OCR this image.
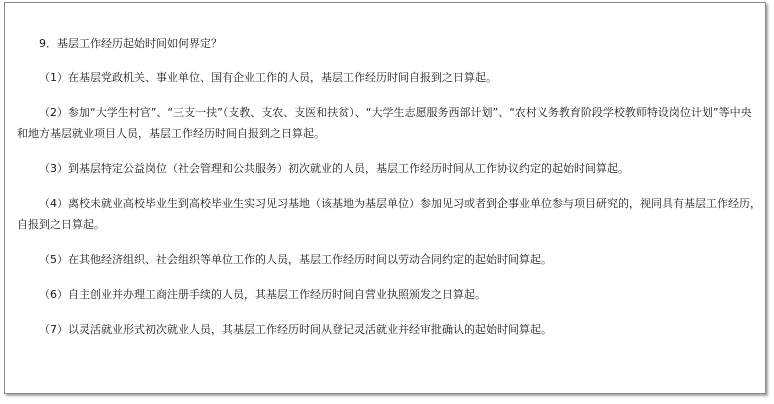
9．基层工作经历起始时间如何界定？

（1）在基层党政机关、事业单位、国有企业工作的人员，基层工作经历时间自报到之日算起。

（2）参加“大学生村官”、“三支一扶”（支教、支农、支医和扶贫）、“大学生志愿服务西部计划”、“农村义务教育阶段学校教师特设岗位计划”等中央和地方基层就业项目人员，基层工作经历时间自报到之日算起。

（3）到基层特定公益岗位（社会管理和公共服务）初次就业的人员，基层工作经历时间从工作协议约定的起始时间算起。

（4）离校未就业高校毕业生到高校毕业生实习见习基地（该基地为基层单位）参加见习或者到企事业单位参与项目研究的，视同具有基层工作经历，自报到之日算起。

（5）在其他经济组织、社会组织等单位工作的人员，基层工作经历时间以劳动合同约定的起始时间算起。

（6）自主创业并办理工商注册手续的人员，其基层工作经历时间自营业执照颁发之日算起。

（7）以灵活就业形式初次就业人员，其基层工作经历时间从登记灵活就业并经审批确认的起始时间算起。
